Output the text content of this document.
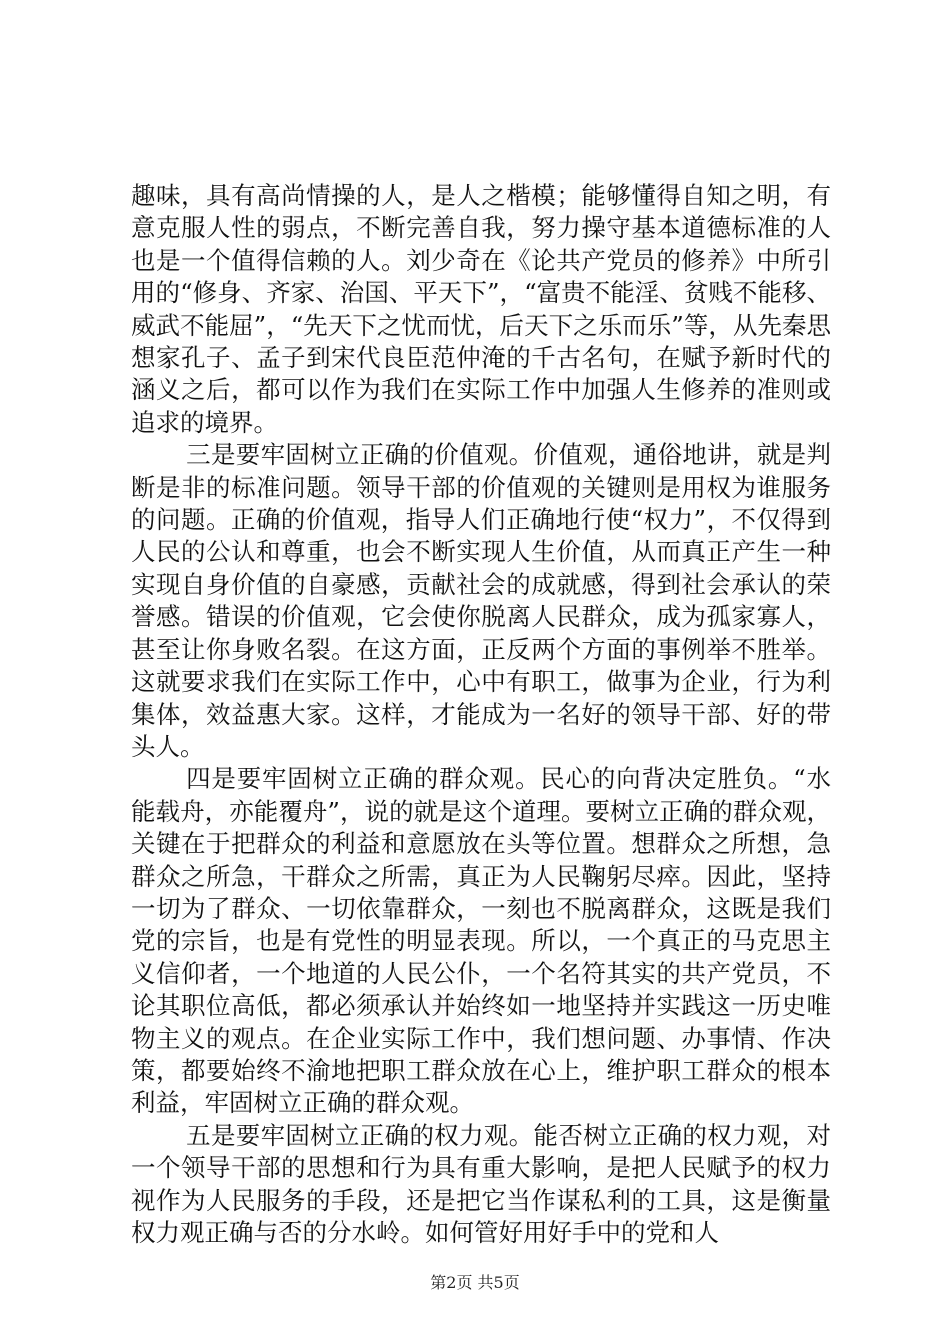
趣味，具有高尚情操的人，是人之楷模；能够懂得自知之明，有意克服人性的弱点，不断完善自我，努力操守基本道德标准的人也是一个值得信赖的人。刘少奇在《论共产党员的修养》中所引用的“修身、齐家、治国、平天下”，“富贵不能淫、贫贱不能移、威武不能屈”，“先天下之忧而忧，后天下之乐而乐”等，从先秦思想家孔子、孟子到宋代良臣范仲淹的千古名句，在赋予新时代的涵义之后，都可以作为我们在实际工作中加强人生修养的准则或追求的境界。

三是要牢固树立正确的价值观。价值观，通俗地讲，就是判断是非的标准问题。领导干部的价值观的关键则是用权为谁服务的问题。正确的价值观，指导人们正确地行使“权力”，不仅得到人民的公认和尊重，也会不断实现人生价值，从而真正产生一种实现自身价值的自豪感，贡献社会的成就感，得到社会承认的荣誉感。错误的价值观，它会使你脱离人民群众，成为孤家寡人，甚至让你身败名裂。在这方面，正反两个方面的事例举不胜举。这就要求我们在实际工作中，心中有职工，做事为企业，行为利集体，效益惠大家。这样，才能成为一名好的领导干部、好的带头人。

四是要牢固树立正确的群众观。民心的向背决定胜负。“水能载舟，亦能覆舟”，说的就是这个道理。要树立正确的群众观，关键在于把群众的利益和意愿放在头等位置。想群众之所想，急群众之所急，干群众之所需，真正为人民鞠躬尽瘁。因此，坚持一切为了群众、一切依靠群众，一刻也不脱离群众，这既是我们党的宗旨，也是有党性的明显表现。所以，一个真正的马克思主义信仰者，一个地道的人民公仆，一个名符其实的共产党员，不论其职位高低，都必须承认并始终如一地坚持并实践这一历史唯物主义的观点。在企业实际工作中，我们想问题、办事情、作决策，都要始终不渝地把职工群众放在心上，维护职工群众的根本利益，牢固树立正确的群众观。

五是要牢固树立正确的权力观。能否树立正确的权力观，对一个领导干部的思想和行为具有重大影响，是把人民赋予的权力视作为人民服务的手段，还是把它当作谋私利的工具，这是衡量权力观正确与否的分水岭。如何管好用好手中的党和人

第2页 共5页
